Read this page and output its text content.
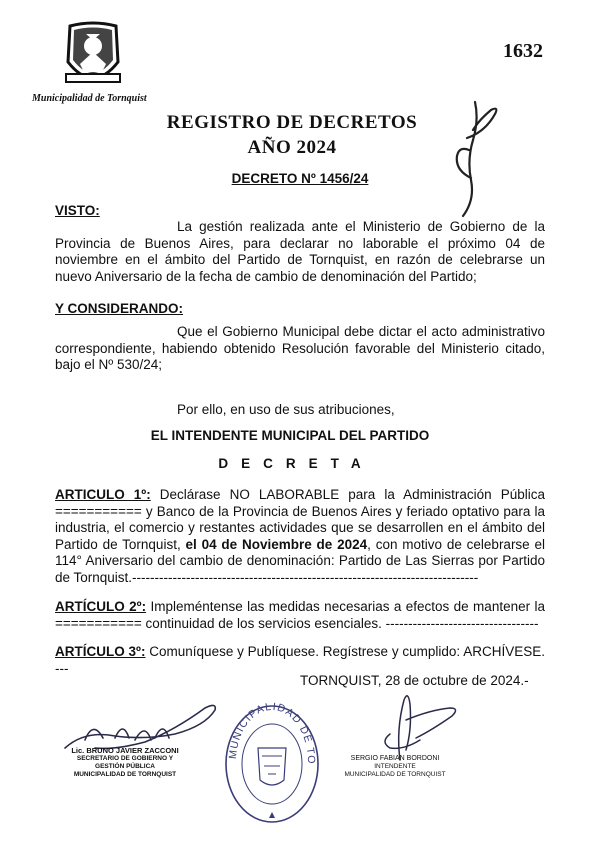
Municipalidad de Tornquist
1632
REGISTRO DE DECRETOS
AÑO 2024
DECRETO Nº 1456/24
VISTO:
La gestión realizada ante el Ministerio de Gobierno de la Provincia de Buenos Aires, para declarar no laborable el próximo 04 de noviembre en el ámbito del Partido de Tornquist, en razón de celebrarse un nuevo Aniversario de la fecha de cambio de denominación del Partido;
Y CONSIDERANDO:
Que el Gobierno Municipal debe dictar el acto administrativo correspondiente, habiendo obtenido Resolución favorable del Ministerio citado, bajo el Nº 530/24;
Por ello, en uso de sus atribuciones,
EL INTENDENTE MUNICIPAL DEL PARTIDO
DECRETA
ARTICULO 1º: Declárase NO LABORABLE para la Administración Pública =========== y Banco de la Provincia de Buenos Aires y feriado optativo para la industria, el comercio y restantes actividades que se desarrollen en el ámbito del Partido de Tornquist, el 04 de Noviembre de 2024, con motivo de celebrarse el 114° Aniversario del cambio de denominación: Partido de Las Sierras por Partido de Tornquist.-----------------------------------------------------------------------------
ARTÍCULO 2º: Impleméntense las medidas necesarias a efectos de mantener la =========== continuidad de los servicios esenciales. ----------------------------------
ARTÍCULO 3º: Comuníquese y Publíquese. Regístrese y cumplido: ARCHÍVESE. ---
TORNQUIST, 28 de octubre de 2024.-
Lic. BRUNO JAVIER ZACCONI
SECRETARIO DE GOBIERNO Y
GESTIÓN PÚBLICA
MUNICIPALIDAD DE TORNQUIST
MUNICIPALIDAD DE TORNQUIST
SERGIO FABIAN BORDONI
INTENDENTE
MUNICIPALIDAD DE TORNQUIST
